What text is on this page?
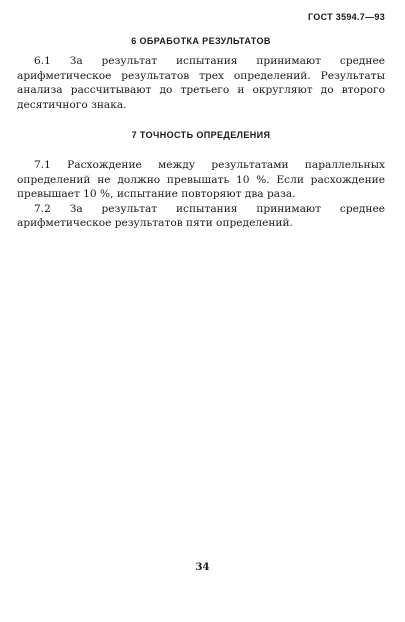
ГОСТ 3594.7—93
6 ОБРАБОТКА РЕЗУЛЬТАТОВ

6.1 За результат испытания принимают среднее арифметическое результатов трех определений. Результаты анализа рассчитывают до третьего и округляют до второго десятичного знака.

7 ТОЧНОСТЬ ОПРЕДЕЛЕНИЯ

7.1 Расхождение между результатами параллельных определений не должно превышать 10 %. Если расхождение превышает 10 %, испытание повторяют два раза.

7.2 За результат испытания принимают среднее арифметическое результатов пяти определений.

34
